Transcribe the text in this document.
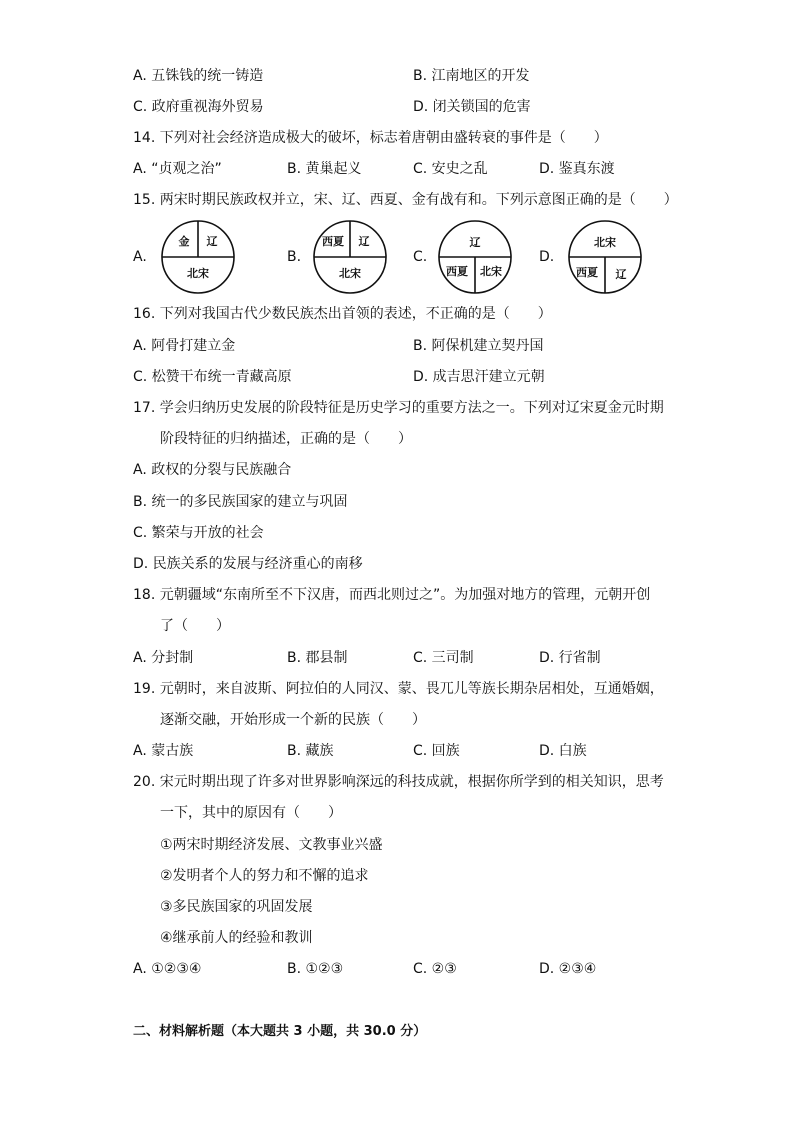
A. 五铢钱的统一铸造	B. 江南地区的开发
C. 政府重视海外贸易	D. 闭关锁国的危害
14. 下列对社会经济造成极大的破坏，标志着唐朝由盛转衰的事件是（　　）
A. “贞观之治”	B. 黄巢起义	C. 安史之乱	D. 鉴真东渡
15. 两宋时期民族政权并立，宋、辽、西夏、金有战有和。下列示意图正确的是（　　）
A.
金 辽
北宋
B.
西夏 辽
北宋
C.
辽
西夏 北宋
D.
北宋
西夏 辽
16. 下列对我国古代少数民族杰出首领的表述，不正确的是（　　）
A. 阿骨打建立金	B. 阿保机建立契丹国
C. 松赞干布统一青藏高原	D. 成吉思汗建立元朝
17. 学会归纳历史发展的阶段特征是历史学习的重要方法之一。下列对辽宋夏金元时期
阶段特征的归纳描述，正确的是（　　）
A. 政权的分裂与民族融合
B. 统一的多民族国家的建立与巩固
C. 繁荣与开放的社会
D. 民族关系的发展与经济重心的南移
18. 元朝疆域“东南所至不下汉唐，而西北则过之”。为加强对地方的管理，元朝开创
了（　　）
A. 分封制	B. 郡县制	C. 三司制	D. 行省制
19. 元朝时，来自波斯、阿拉伯的人同汉、蒙、畏兀儿等族长期杂居相处，互通婚姻，
逐渐交融，开始形成一个新的民族（　　）
A. 蒙古族	B. 藏族	C. 回族	D. 白族
20. 宋元时期出现了许多对世界影响深远的科技成就，根据你所学到的相关知识，思考
一下，其中的原因有（　　）
①两宋时期经济发展、文教事业兴盛
②发明者个人的努力和不懈的追求
③多民族国家的巩固发展
④继承前人的经验和教训
A. ①②③④	B. ①②③	C. ②③	D. ②③④
二、材料解析题（本大题共 3 小题，共 30.0 分）
